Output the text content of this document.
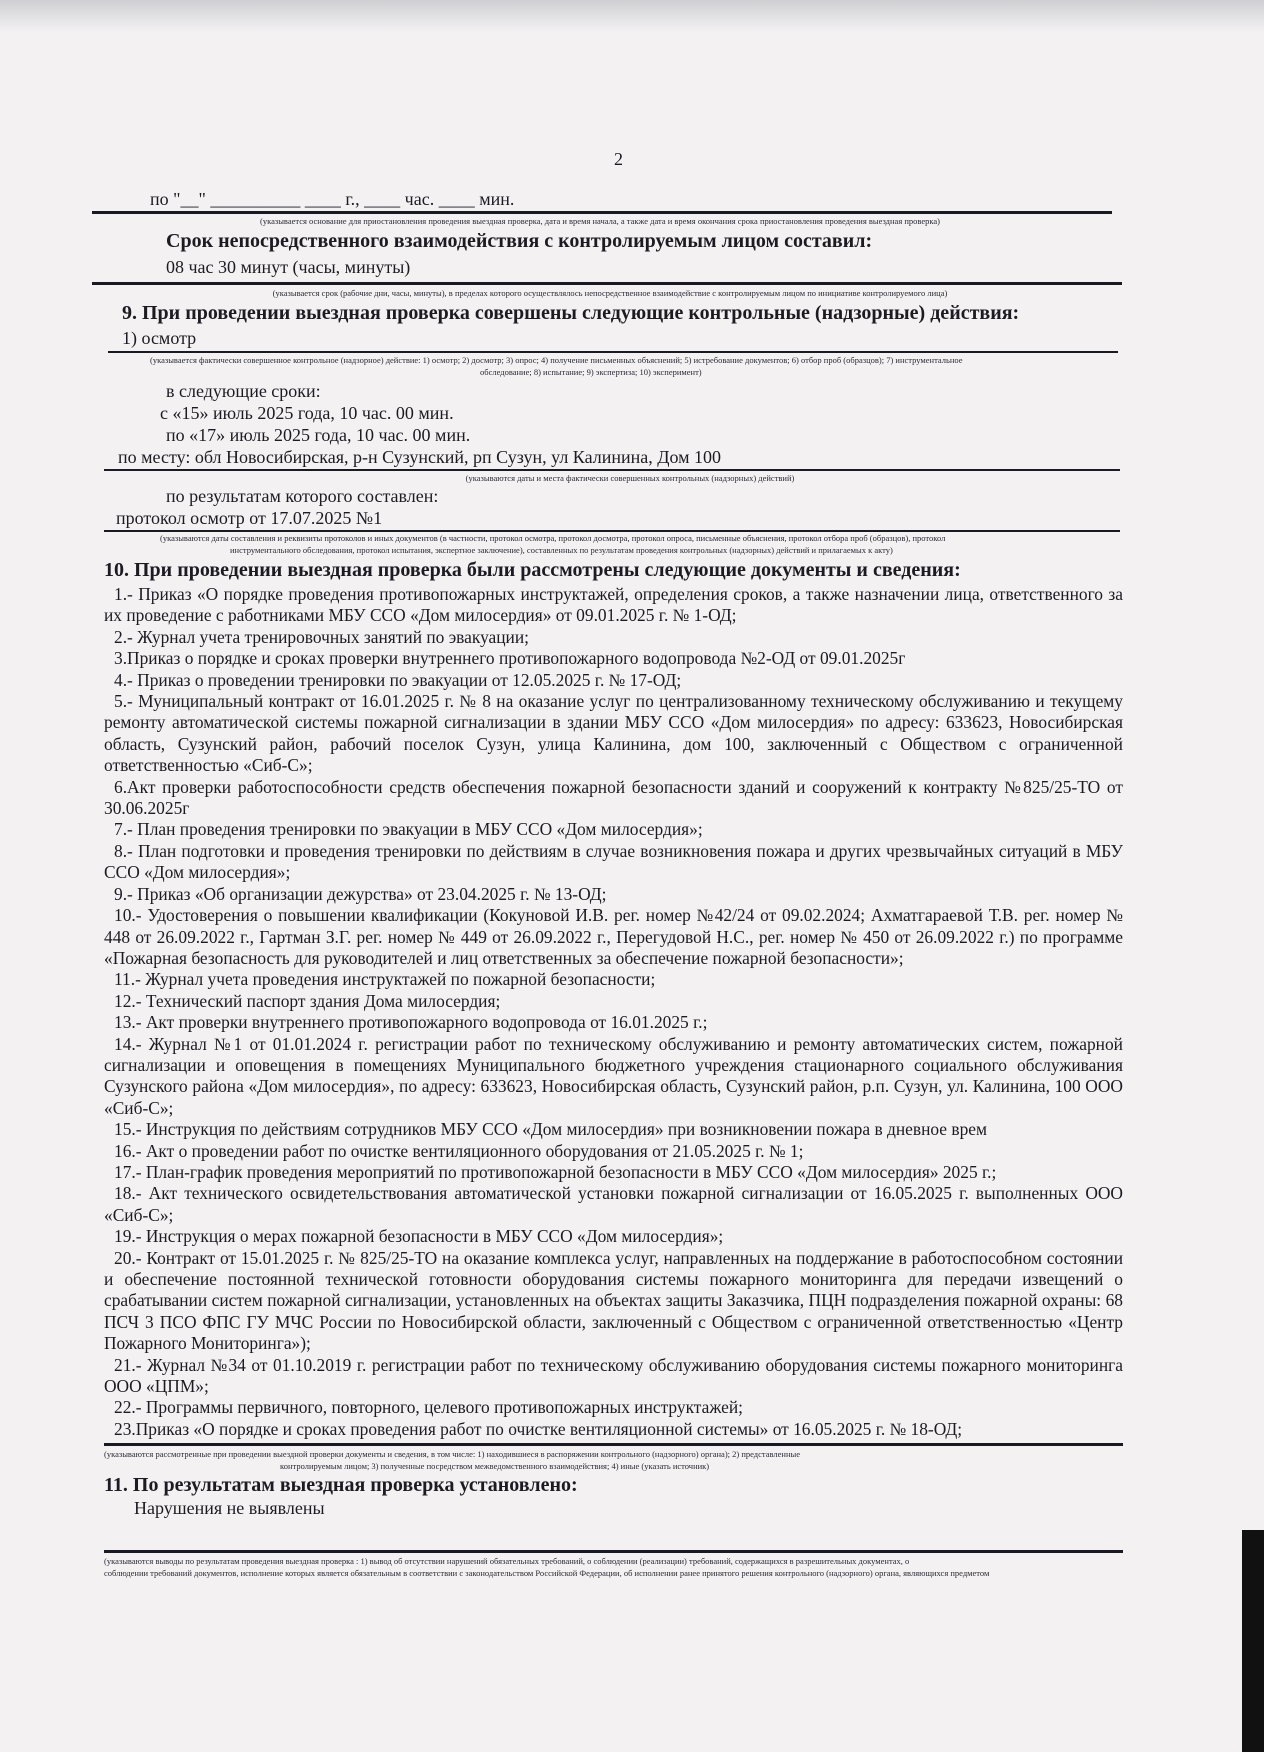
2
по "__" __________ ____ г., ____ час. ____ мин.
(указывается основание для приостановления проведения выездная проверка, дата и время начала, а также дата и время окончания срока приостановления проведения выездная проверка)
Срок непосредственного взаимодействия с контролируемым лицом составил:
08 час 30 минут (часы, минуты)
(указывается срок (рабочие дни, часы, минуты), в пределах которого осуществлялось непосредственное взаимодействие с контролируемым лицом по инициативе контролируемого лица)
9. При проведении выездная проверка совершены следующие контрольные (надзорные) действия:
1) осмотр
(указывается фактически совершенное контрольное (надзорное) действие: 1) осмотр; 2) досмотр; 3) опрос; 4) получение письменных объяснений; 5) истребование документов; 6) отбор проб (образцов); 7) инструментальное
обследование; 8) испытание; 9) экспертиза; 10) эксперимент)
в следующие сроки:
с «15» июль 2025 года, 10 час. 00 мин.
по «17» июль 2025 года, 10 час. 00 мин.
по месту: обл Новосибирская, р-н Сузунский, рп Сузун, ул Калинина, Дом 100
(указываются даты и места фактически совершенных контрольных (надзорных) действий)
по результатам которого составлен:
протокол осмотр от 17.07.2025 №1
(указываются даты составления и реквизиты протоколов и иных документов (в частности, протокол осмотра, протокол досмотра, протокол опроса, письменные объяснения, протокол отбора проб (образцов), протокол
инструментального обследования, протокол испытания, экспертное заключение), составленных по результатам проведения контрольных (надзорных) действий и прилагаемых к акту)
10. При проведении выездная проверка были рассмотрены следующие документы и сведения:
1.- Приказ «О порядке проведения противопожарных инструктажей, определения сроков, а также назначении лица, ответственного за их проведение с работниками МБУ ССО «Дом милосердия» от 09.01.2025 г. № 1-ОД;
2.- Журнал учета тренировочных занятий по эвакуации;
3.Приказ о порядке и сроках проверки внутреннего противопожарного водопровода №2-ОД от 09.01.2025г
4.- Приказ о проведении тренировки по эвакуации от 12.05.2025 г. № 17-ОД;
5.- Муниципальный контракт от 16.01.2025 г. № 8 на оказание услуг по централизованному техническому обслуживанию и текущему ремонту автоматической системы пожарной сигнализации в здании МБУ ССО «Дом милосердия» по адресу: 633623, Новосибирская область, Сузунский район, рабочий поселок Сузун, улица Калинина, дом 100, заключенный с Обществом с ограниченной ответственностью «Сиб-С»;
6.Акт проверки работоспособности средств обеспечения пожарной безопасности зданий и сооружений к контракту №825/25-ТО от 30.06.2025г
7.- План проведения тренировки по эвакуации в МБУ ССО «Дом милосердия»;
8.- План подготовки и проведения тренировки по действиям в случае возникновения пожара и других чрезвычайных ситуаций в МБУ ССО «Дом милосердия»;
9.- Приказ «Об организации дежурства» от 23.04.2025 г. № 13-ОД;
10.- Удостоверения о повышении квалификации (Кокуновой И.В. рег. номер №42/24 от 09.02.2024; Ахматгараевой Т.В. рег. номер № 448 от 26.09.2022 г., Гартман З.Г. рег. номер № 449 от 26.09.2022 г., Перегудовой Н.С., рег. номер № 450 от 26.09.2022 г.) по программе «Пожарная безопасность для руководителей и лиц ответственных за обеспечение пожарной безопасности»;
11.- Журнал учета проведения инструктажей по пожарной безопасности;
12.- Технический паспорт здания Дома милосердия;
13.- Акт проверки внутреннего противопожарного водопровода от 16.01.2025 г.;
14.- Журнал №1 от 01.01.2024 г. регистрации работ по техническому обслуживанию и ремонту автоматических систем, пожарной сигнализации и оповещения в помещениях Муниципального бюджетного учреждения стационарного социального обслуживания Сузунского района «Дом милосердия», по адресу: 633623, Новосибирская область, Сузунский район, р.п. Сузун, ул. Калинина, 100 ООО «Сиб-С»;
15.- Инструкция по действиям сотрудников МБУ ССО «Дом милосердия» при возникновении пожара в дневное врем
16.- Акт о проведении работ по очистке вентиляционного оборудования от 21.05.2025 г. № 1;
17.- План-график проведения мероприятий по противопожарной безопасности в МБУ ССО «Дом милосердия» 2025 г.;
18.- Акт технического освидетельствования автоматической установки пожарной сигнализации от 16.05.2025 г. выполненных ООО «Сиб-С»;
19.- Инструкция о мерах пожарной безопасности в МБУ ССО «Дом милосердия»;
20.- Контракт от 15.01.2025 г. № 825/25-ТО на оказание комплекса услуг, направленных на поддержание в работоспособном состоянии и обеспечение постоянной технической готовности оборудования системы пожарного мониторинга для передачи извещений о срабатывании систем пожарной сигнализации, установленных на объектах защиты Заказчика, ПЦН подразделения пожарной охраны: 68 ПСЧ 3 ПСО ФПС ГУ МЧС России по Новосибирской области, заключенный с Обществом с ограниченной ответственностью «Центр Пожарного Мониторинга»);
21.- Журнал №34 от 01.10.2019 г. регистрации работ по техническому обслуживанию оборудования системы пожарного мониторинга ООО «ЦПМ»;
22.- Программы первичного, повторного, целевого противопожарных инструктажей;
23.Приказ «О порядке и сроках проведения работ по очистке вентиляционной системы» от 16.05.2025 г. № 18-ОД;
(указываются рассмотренные при проведении выездной проверки документы и сведения, в том числе: 1) находившиеся в распоряжении контрольного (надзорного) органа); 2) представленные
контролируемым лицом; 3) полученные посредством межведомственного взаимодействия; 4) иные (указать источник)
11. По результатам выездная проверка установлено:
Нарушения не выявлены
(указываются выводы по результатам проведения выездная проверка : 1) вывод об отсутствии нарушений обязательных требований, о соблюдении (реализации) требований, содержащихся в разрешительных документах, о
соблюдении требований документов, исполнение которых является обязательным в соответствии с законодательством Российской Федерации, об исполнении ранее принятого решения контрольного (надзорного) органа, являющихся предметом
